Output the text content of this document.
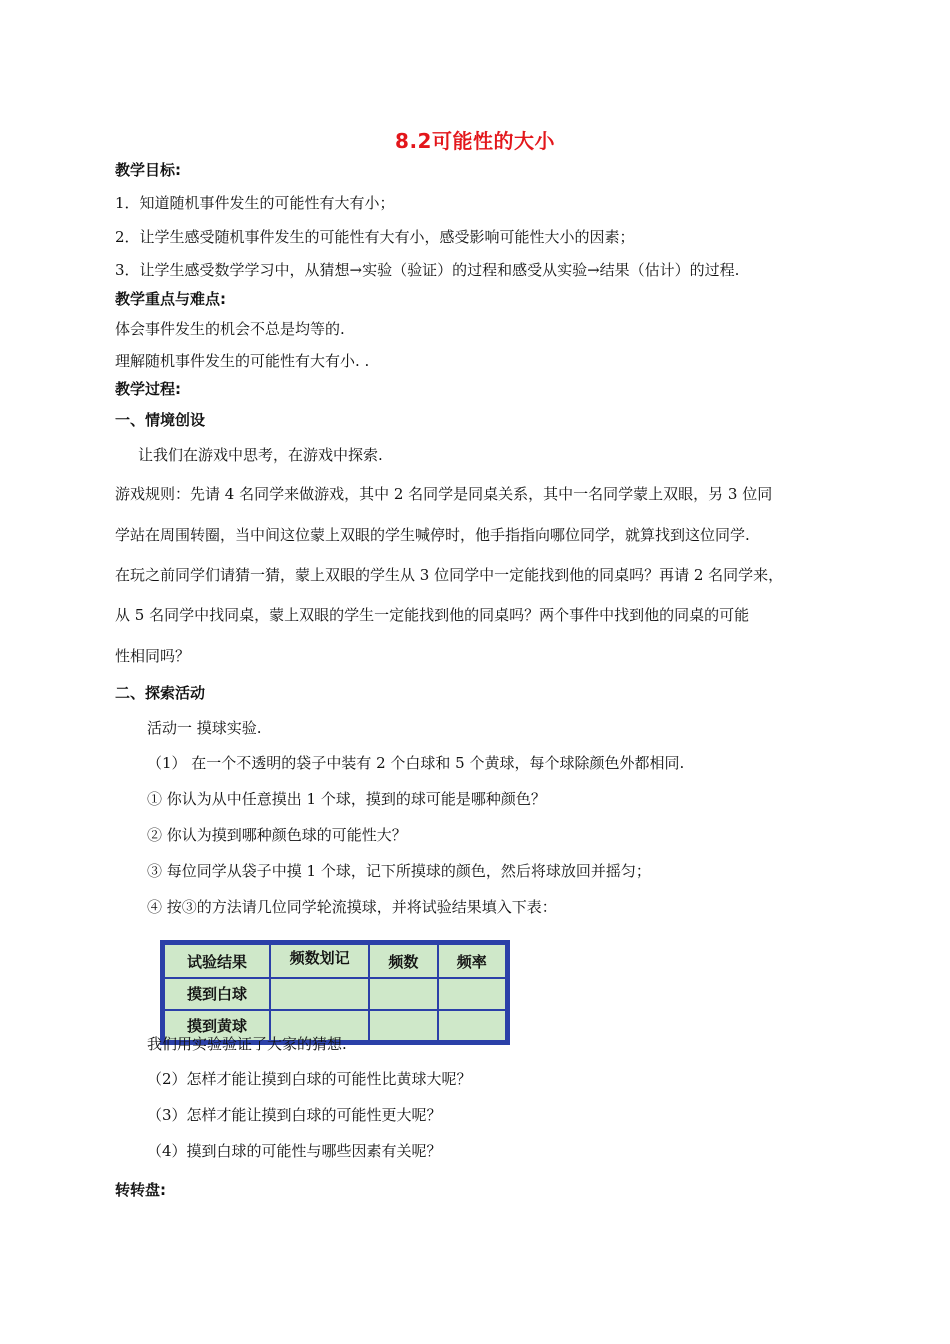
8.2可能性的大小
教学目标:
1．知道随机事件发生的可能性有大有小；
2．让学生感受随机事件发生的可能性有大有小，感受影响可能性大小的因素；
3．让学生感受数学学习中，从猜想→实验（验证）的过程和感受从实验→结果（估计）的过程.
教学重点与难点:
体会事件发生的机会不总是均等的.
理解随机事件发生的可能性有大有小. .
教学过程:
一、情境创设
让我们在游戏中思考，在游戏中探索.
游戏规则：先请 4 名同学来做游戏，其中 2 名同学是同桌关系，其中一名同学蒙上双眼，另 3 位同
学站在周围转圈，当中间这位蒙上双眼的学生喊停时，他手指指向哪位同学，就算找到这位同学.
在玩之前同学们请猜一猜，蒙上双眼的学生从 3 位同学中一定能找到他的同桌吗？再请 2 名同学来，
从 5 名同学中找同桌，蒙上双眼的学生一定能找到他的同桌吗？两个事件中找到他的同桌的可能
性相同吗？
二、探索活动
活动一 摸球实验.
（1） 在一个不透明的袋子中装有 2 个白球和 5 个黄球，每个球除颜色外都相同.
① 你认为从中任意摸出 1 个球，摸到的球可能是哪种颜色？
② 你认为摸到哪种颜色球的可能性大？
③ 每位同学从袋子中摸 1 个球，记下所摸球的颜色，然后将球放回并摇匀；
④ 按③的方法请几位同学轮流摸球，并将试验结果填入下表：
试验结果	频数划记	频数	频率
摸到白球			
摸到黄球			
我们用实验验证了大家的猜想.
（2）怎样才能让摸到白球的可能性比黄球大呢？
（3）怎样才能让摸到白球的可能性更大呢？
（4）摸到白球的可能性与哪些因素有关呢？
转转盘:
